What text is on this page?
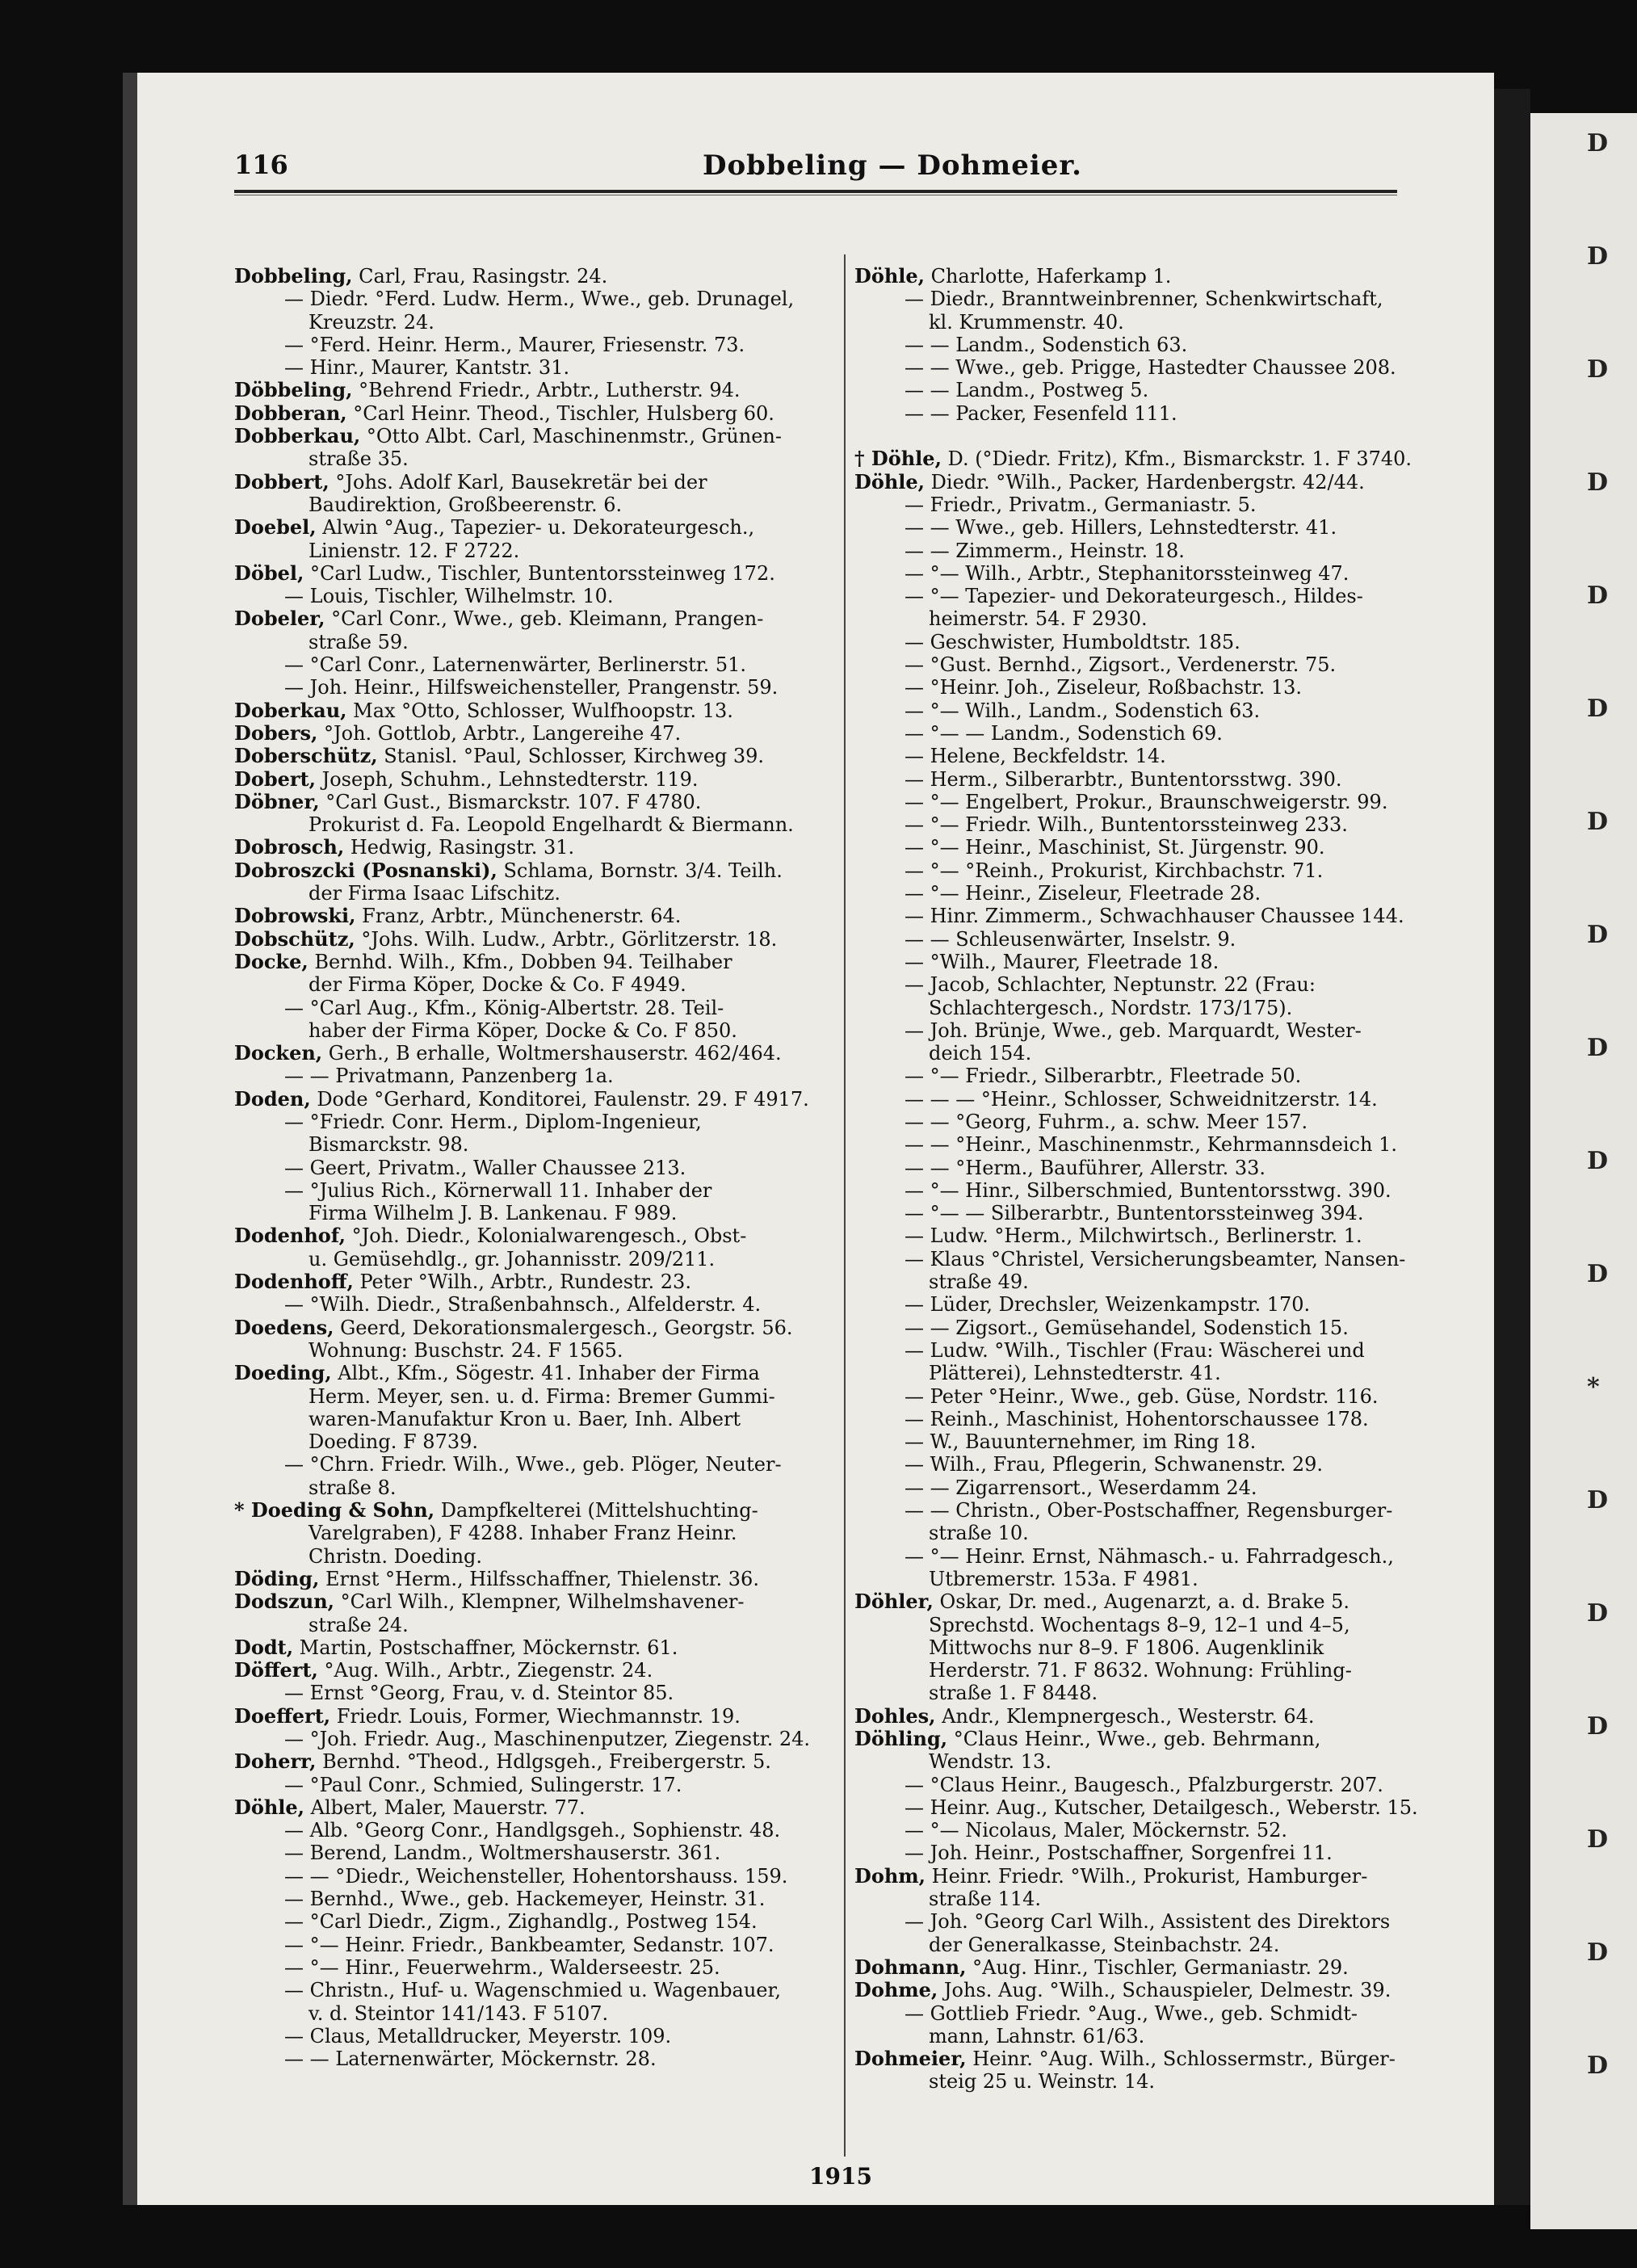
116	Dobbeling — Dohmeier.
Dobbeling, Carl, Frau, Rasingstr. 24.
— Diedr. °Ferd. Ludw. Herm., Wwe., geb. Drunagel,
Kreuzstr. 24.
— °Ferd. Heinr. Herm., Maurer, Friesenstr. 73.
— Hinr., Maurer, Kantstr. 31.
Döbbeling, °Behrend Friedr., Arbtr., Lutherstr. 94.
Dobberan, °Carl Heinr. Theod., Tischler, Hulsberg 60.
Dobberkau, °Otto Albt. Carl, Maschinenmstr., Grünen-
straße 35.
Dobbert, °Johs. Adolf Karl, Bausekretär bei der
Baudirektion, Großbeerenstr. 6.
Doebel, Alwin °Aug., Tapezier- u. Dekorateurgesch.,
Linienstr. 12. F 2722.
Döbel, °Carl Ludw., Tischler, Buntentorssteinweg 172.
— Louis, Tischler, Wilhelmstr. 10.
Dobeler, °Carl Conr., Wwe., geb. Kleimann, Prangen-
straße 59.
— °Carl Conr., Laternenwärter, Berlinerstr. 51.
— Joh. Heinr., Hilfsweichensteller, Prangenstr. 59.
Doberkau, Max °Otto, Schlosser, Wulfhoopstr. 13.
Dobers, °Joh. Gottlob, Arbtr., Langereihe 47.
Doberschütz, Stanisl. °Paul, Schlosser, Kirchweg 39.
Dobert, Joseph, Schuhm., Lehnstedterstr. 119.
Döbner, °Carl Gust., Bismarckstr. 107. F 4780.
Prokurist d. Fa. Leopold Engelhardt & Biermann.
Dobrosch, Hedwig, Rasingstr. 31.
Dobroszcki (Posnanski), Schlama, Bornstr. 3/4. Teilh.
der Firma Isaac Lifschitz.
Dobrowski, Franz, Arbtr., Münchenerstr. 64.
Dobschütz, °Johs. Wilh. Ludw., Arbtr., Görlitzerstr. 18.
Docke, Bernhd. Wilh., Kfm., Dobben 94. Teilhaber
der Firma Köper, Docke & Co. F 4949.
— °Carl Aug., Kfm., König-Albertstr. 28. Teil-
haber der Firma Köper, Docke & Co. F 850.
Docken, Gerh., B erhalle, Woltmershauserstr. 462/464.
— — Privatmann, Panzenberg 1a.
Doden, Dode °Gerhard, Konditorei, Faulenstr. 29. F 4917.
— °Friedr. Conr. Herm., Diplom-Ingenieur,
Bismarckstr. 98.
— Geert, Privatm., Waller Chaussee 213.
— °Julius Rich., Körnerwall 11. Inhaber der
Firma Wilhelm J. B. Lankenau. F 989.
Dodenhof, °Joh. Diedr., Kolonialwarengesch., Obst-
u. Gemüsehdlg., gr. Johannisstr. 209/211.
Dodenhoff, Peter °Wilh., Arbtr., Rundestr. 23.
— °Wilh. Diedr., Straßenbahnsch., Alfelderstr. 4.
Doedens, Geerd, Dekorationsmalergesch., Georgstr. 56.
Wohnung: Buschstr. 24. F 1565.
Doeding, Albt., Kfm., Sögestr. 41. Inhaber der Firma
Herm. Meyer, sen. u. d. Firma: Bremer Gummi-
waren-Manufaktur Kron u. Baer, Inh. Albert
Doeding. F 8739.
— °Chrn. Friedr. Wilh., Wwe., geb. Plöger, Neuter-
straße 8.
* Doeding & Sohn, Dampfkelterei (Mittelshuchting-
Varelgraben), F 4288. Inhaber Franz Heinr.
Christn. Doeding.
Döding, Ernst °Herm., Hilfsschaffner, Thielenstr. 36.
Dodszun, °Carl Wilh., Klempner, Wilhelmshavener-
straße 24.
Dodt, Martin, Postschaffner, Möckernstr. 61.
Döffert, °Aug. Wilh., Arbtr., Ziegenstr. 24.
— Ernst °Georg, Frau, v. d. Steintor 85.
Doeffert, Friedr. Louis, Former, Wiechmannstr. 19.
— °Joh. Friedr. Aug., Maschinenputzer, Ziegenstr. 24.
Doherr, Bernhd. °Theod., Hdlgsgeh., Freibergerstr. 5.
— °Paul Conr., Schmied, Sulingerstr. 17.
Döhle, Albert, Maler, Mauerstr. 77.
— Alb. °Georg Conr., Handlgsgeh., Sophienstr. 48.
— Berend, Landm., Woltmershauserstr. 361.
— — °Diedr., Weichensteller, Hohentorshauss. 159.
— Bernhd., Wwe., geb. Hackemeyer, Heinstr. 31.
— °Carl Diedr., Zigm., Zighandlg., Postweg 154.
— °— Heinr. Friedr., Bankbeamter, Sedanstr. 107.
— °— Hinr., Feuerwehrm., Walderseestr. 25.
— Christn., Huf- u. Wagenschmied u. Wagenbauer,
v. d. Steintor 141/143. F 5107.
— Claus, Metalldrucker, Meyerstr. 109.
— — Laternenwärter, Möckernstr. 28.
Döhle, Charlotte, Haferkamp 1.
— Diedr., Branntweinbrenner, Schenkwirtschaft,
kl. Krummenstr. 40.
— — Landm., Sodenstich 63.
— — Wwe., geb. Prigge, Hastedter Chaussee 208.
— — Landm., Postweg 5.
— — Packer, Fesenfeld 111.

† Döhle, D. (°Diedr. Fritz), Kfm., Bismarckstr. 1. F 3740.
Döhle, Diedr. °Wilh., Packer, Hardenbergstr. 42/44.
— Friedr., Privatm., Germaniastr. 5.
— — Wwe., geb. Hillers, Lehnstedterstr. 41.
— — Zimmerm., Heinstr. 18.
— °— Wilh., Arbtr., Stephanitorssteinweg 47.
— °— Tapezier- und Dekorateurgesch., Hildes-
heimerstr. 54. F 2930.
— Geschwister, Humboldtstr. 185.
— °Gust. Bernhd., Zigsort., Verdenerstr. 75.
— °Heinr. Joh., Ziseleur, Roßbachstr. 13.
— °— Wilh., Landm., Sodenstich 63.
— °— — Landm., Sodenstich 69.
— Helene, Beckfeldstr. 14.
— Herm., Silberarbtr., Buntentorsstwg. 390.
— °— Engelbert, Prokur., Braunschweigerstr. 99.
— °— Friedr. Wilh., Buntentorssteinweg 233.
— °— Heinr., Maschinist, St. Jürgenstr. 90.
— °— °Reinh., Prokurist, Kirchbachstr. 71.
— °— Heinr., Ziseleur, Fleetrade 28.
— Hinr. Zimmerm., Schwachhauser Chaussee 144.
— — Schleusenwärter, Inselstr. 9.
— °Wilh., Maurer, Fleetrade 18.
— Jacob, Schlachter, Neptunstr. 22 (Frau:
Schlachtergesch., Nordstr. 173/175).
— Joh. Brünje, Wwe., geb. Marquardt, Wester-
deich 154.
— °— Friedr., Silberarbtr., Fleetrade 50.
— — — °Heinr., Schlosser, Schweidnitzerstr. 14.
— — °Georg, Fuhrm., a. schw. Meer 157.
— — °Heinr., Maschinenmstr., Kehrmannsdeich 1.
— — °Herm., Bauführer, Allerstr. 33.
— °— Hinr., Silberschmied, Buntentorsstwg. 390.
— °— — Silberarbtr., Buntentorssteinweg 394.
— Ludw. °Herm., Milchwirtsch., Berlinerstr. 1.
— Klaus °Christel, Versicherungsbeamter, Nansen-
straße 49.
— Lüder, Drechsler, Weizenkampstr. 170.
— — Zigsort., Gemüsehandel, Sodenstich 15.
— Ludw. °Wilh., Tischler (Frau: Wäscherei und
Plätterei), Lehnstedterstr. 41.
— Peter °Heinr., Wwe., geb. Güse, Nordstr. 116.
— Reinh., Maschinist, Hohentorschaussee 178.
— W., Bauunternehmer, im Ring 18.
— Wilh., Frau, Pflegerin, Schwanenstr. 29.
— — Zigarrensort., Weserdamm 24.
— — Christn., Ober-Postschaffner, Regensburger-
straße 10.
— °— Heinr. Ernst, Nähmasch.- u. Fahrradgesch.,
Utbremerstr. 153a. F 4981.
Döhler, Oskar, Dr. med., Augenarzt, a. d. Brake 5.
Sprechstd. Wochentags 8–9, 12–1 und 4–5,
Mittwochs nur 8–9. F 1806. Augenklinik
Herderstr. 71. F 8632. Wohnung: Frühling-
straße 1. F 8448.
Dohles, Andr., Klempnergesch., Westerstr. 64.
Döhling, °Claus Heinr., Wwe., geb. Behrmann,
Wendstr. 13.
— °Claus Heinr., Baugesch., Pfalzburgerstr. 207.
— Heinr. Aug., Kutscher, Detailgesch., Weberstr. 15.
— °— Nicolaus, Maler, Möckernstr. 52.
— Joh. Heinr., Postschaffner, Sorgenfrei 11.
Dohm, Heinr. Friedr. °Wilh., Prokurist, Hamburger-
straße 114.
— Joh. °Georg Carl Wilh., Assistent des Direktors
der Generalkasse, Steinbachstr. 24.
Dohmann, °Aug. Hinr., Tischler, Germaniastr. 29.
Dohme, Johs. Aug. °Wilh., Schauspieler, Delmestr. 39.
— Gottlieb Friedr. °Aug., Wwe., geb. Schmidt-
mann, Lahnstr. 61/63.
Dohmeier, Heinr. °Aug. Wilh., Schlossermstr., Bürger-
steig 25 u. Weinstr. 14.
1915
D
D
D
D
D
D
D
D
D
D
D
*
D
D
D
D
D
D
